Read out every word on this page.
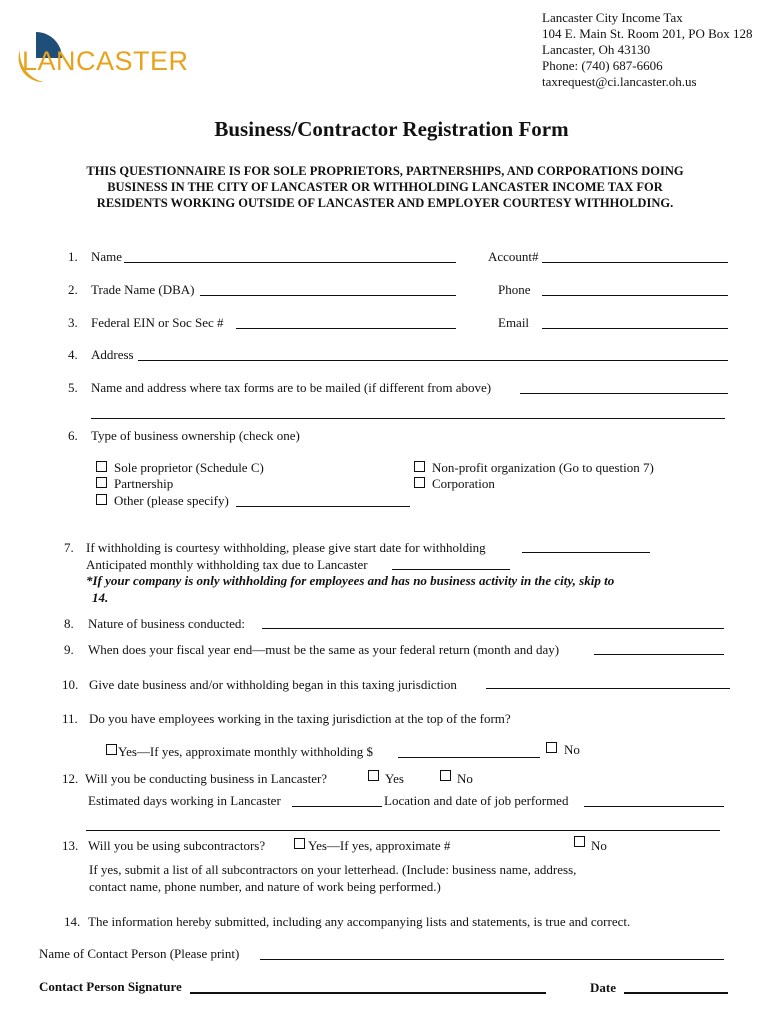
LANCASTER
Lancaster City Income Tax
104 E. Main St. Room 201, PO Box 128
Lancaster, Oh 43130
Phone: (740) 687-6606
taxrequest@ci.lancaster.oh.us
Business/Contractor Registration Form
THIS QUESTIONNAIRE IS FOR SOLE PROPRIETORS, PARTNERSHIPS, AND CORPORATIONS DOING
BUSINESS IN THE CITY OF LANCASTER OR WITHHOLDING LANCASTER INCOME TAX FOR
RESIDENTS WORKING OUTSIDE OF LANCASTER AND EMPLOYER COURTESY WITHHOLDING.
1. Name	Account#
2. Trade Name (DBA)	Phone
3. Federal EIN or Soc Sec #	Email
4. Address
5. Name and address where tax forms are to be mailed (if different from above)
6. Type of business ownership (check one)
Sole proprietor (Schedule C)
Partnership
Other (please specify)
Non-profit organization (Go to question 7)
Corporation
7. If withholding is courtesy withholding, please give start date for withholding
Anticipated monthly withholding tax due to Lancaster
*If your company is only withholding for employees and has no business activity in the city, skip to
14.
8. Nature of business conducted:
9. When does your fiscal year end—must be the same as your federal return (month and day)
10. Give date business and/or withholding began in this taxing jurisdiction
11. Do you have employees working in the taxing jurisdiction at the top of the form?
Yes—If yes, approximate monthly withholding $	No
12. Will you be conducting business in Lancaster?	Yes	No
Estimated days working in Lancaster	Location and date of job performed
13. Will you be using subcontractors?	Yes—If yes, approximate #	No
If yes, submit a list of all subcontractors on your letterhead. (Include: business name, address,
contact name, phone number, and nature of work being performed.)
14. The information hereby submitted, including any accompanying lists and statements, is true and correct.
Name of Contact Person (Please print)
Contact Person Signature	Date
